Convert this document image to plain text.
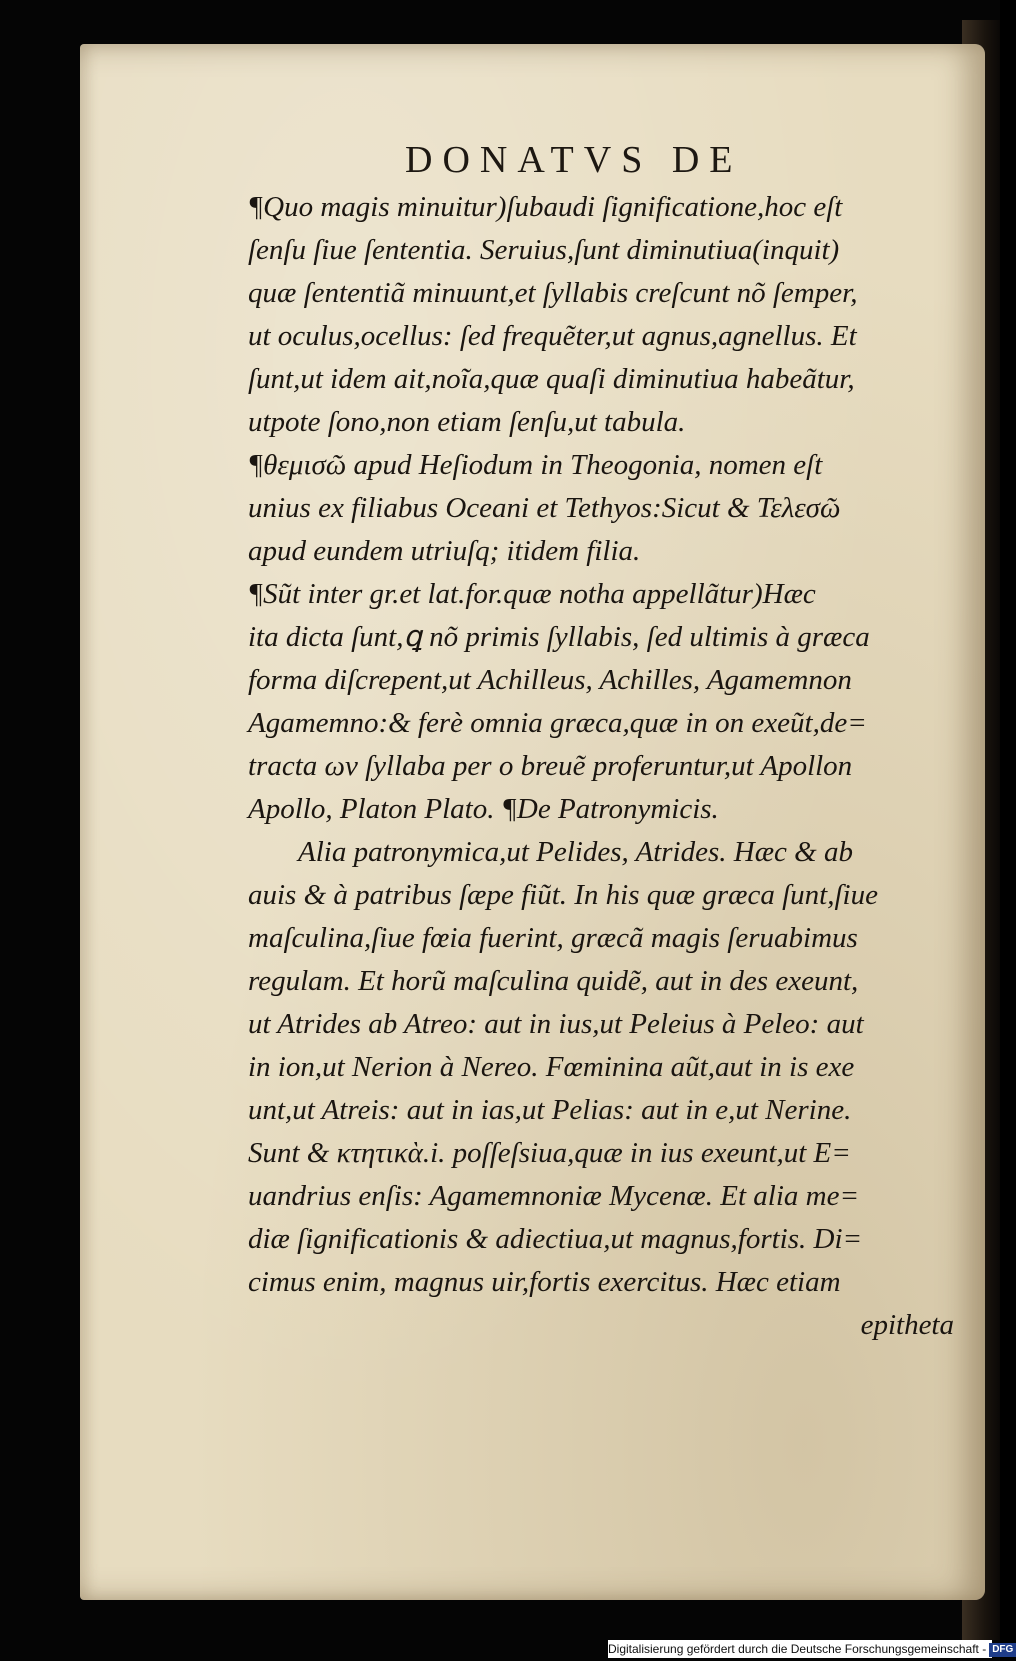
DONATVS DE
¶Quo magis minuitur)ſubaudi ſignificatione,hoc eſt
ſenſu ſiue ſententia. Seruius,ſunt diminutiua(inquit)
quæ ſententiã minuunt,et ſyllabis creſcunt nõ ſemper,
ut oculus,ocellus: ſed frequẽter,ut agnus,agnellus. Et
ſunt,ut idem ait,noĩa,quæ quaſi diminutiua habeãtur,
utpote ſono,non etiam ſenſu,ut tabula.
¶θεμισῶ apud Heſiodum in Theogonia, nomen eſt
unius ex filiabus Oceani et Tethyos:Sicut & Τελεσῶ
apud eundem utriuſq; itidem filia.
¶Sũt inter gr.et lat.for.quæ notha appellãtur)Hæc
ita dicta ſunt,ꝗ nõ primis ſyllabis, ſed ultimis à græca
forma diſcrepent,ut Achilleus, Achilles, Agamemnon
Agamemno:& ferè omnia græca,quæ in on exeũt,de=
tracta ων ſyllaba per o breuẽ proferuntur,ut Apollon
Apollo, Platon Plato. ¶De Patronymicis.
Alia patronymica,ut Pelides, Atrides. Hæc & ab
auis & à patribus ſæpe fiũt. In his quæ græca ſunt,ſiue
maſculina,ſiue fœia fuerint, græcã magis ſeruabimus
regulam. Et horũ maſculina quidẽ, aut in des exeunt,
ut Atrides ab Atreo: aut in ius,ut Peleius à Peleo: aut
in ion,ut Nerion à Nereo. Fœminina aũt,aut in is exe
unt,ut Atreis: aut in ias,ut Pelias: aut in e,ut Nerine.
Sunt & κτητικὰ.i. poſſeſsiua,quæ in ius exeunt,ut E=
uandrius enſis: Agamemnoniæ Mycenæ. Et alia me=
diæ ſignificationis & adiectiua,ut magnus,fortis. Di=
cimus enim, magnus uir,fortis exercitus. Hæc etiam
epitheta
Digitalisierung gefördert durch die Deutsche Forschungsgemeinschaft - DFG
